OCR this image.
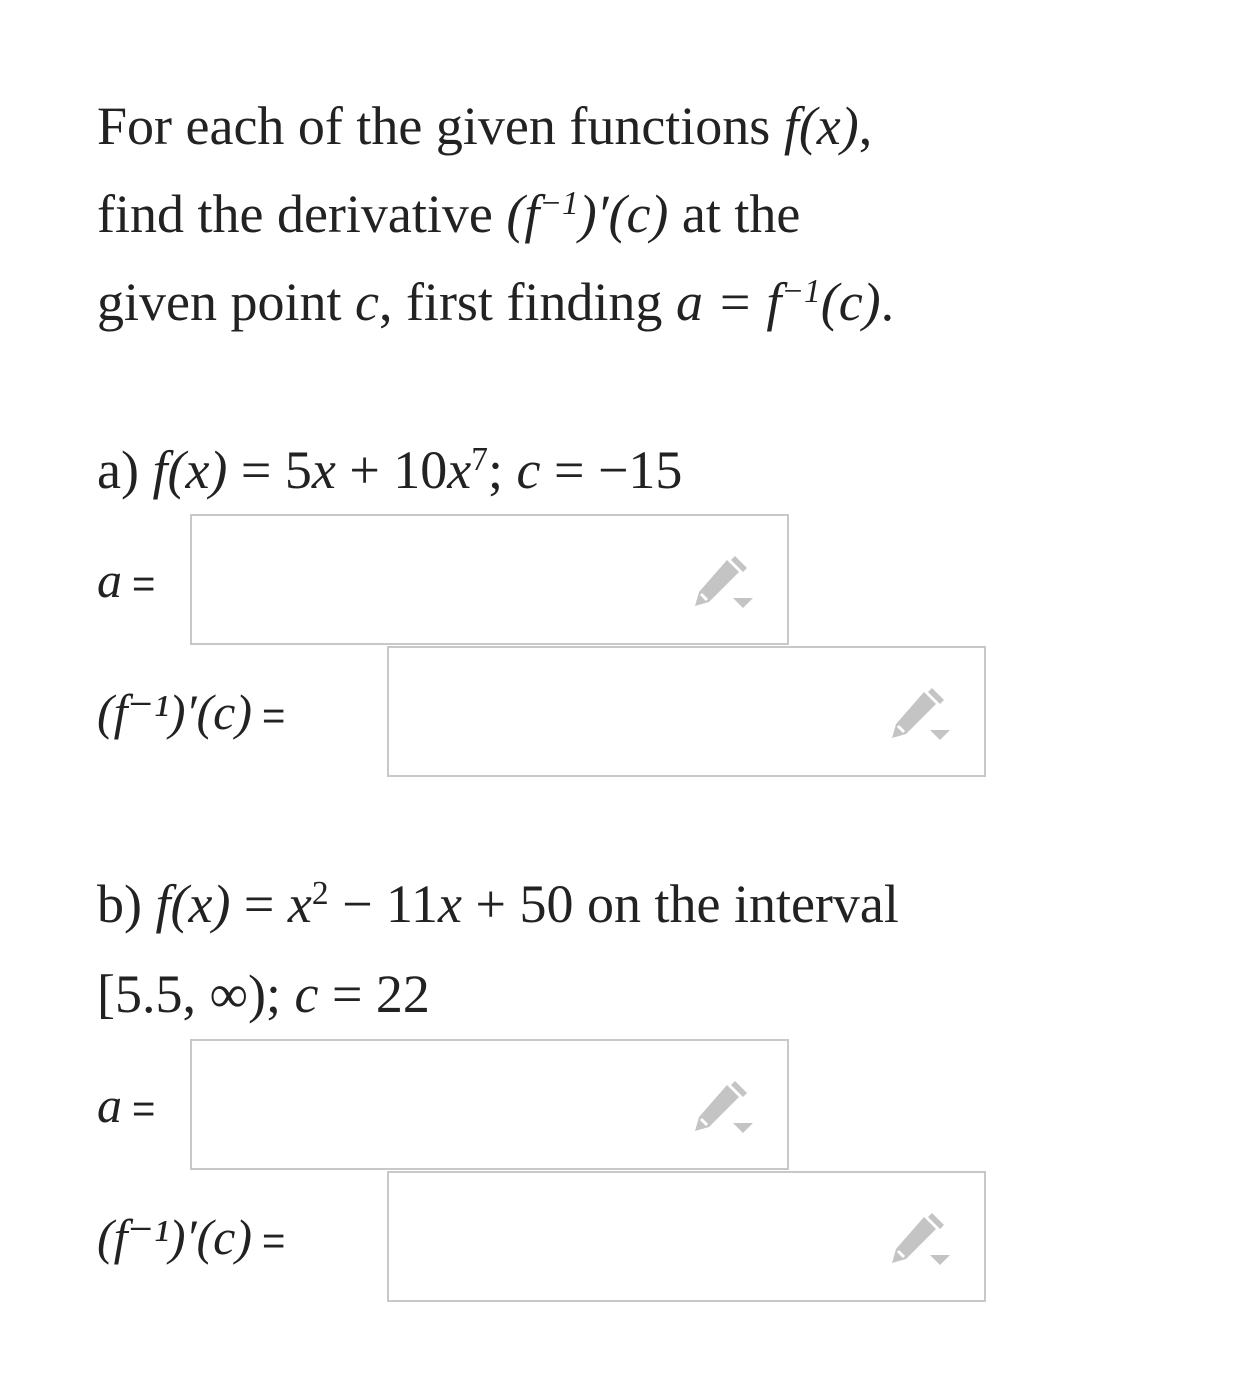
For each of the given functions f(x),
find the derivative $(f^{-1})'(c)$ at the
given point c, first finding $a = f^{-1}(c)$.

a) $f(x) = 5x + 10x^7$; c = −15

a =
(f⁻¹)′(c) =

b) $f(x) = x^2 - 11x + 50$ on the interval

[5.5, ∞); c = 22

a =
(f⁻¹)′(c) =
